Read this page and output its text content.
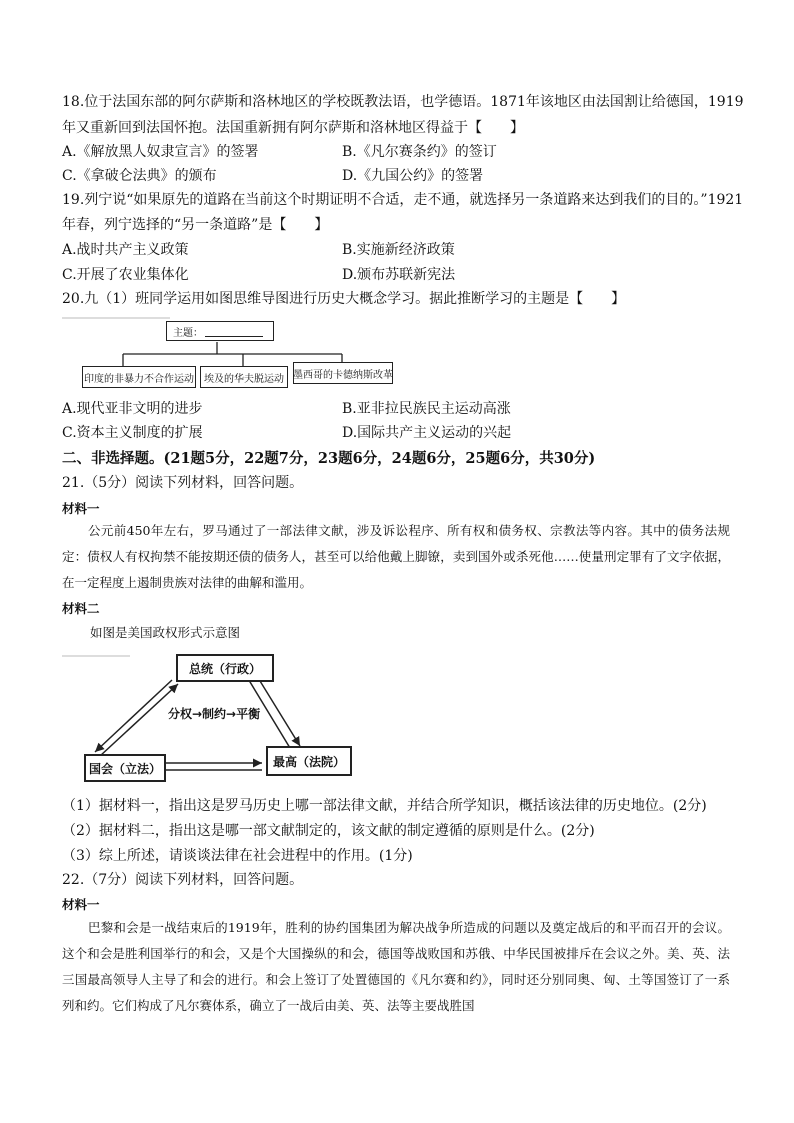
18.位于法国东部的阿尔萨斯和洛林地区的学校既教法语，也学德语。1871年该地区由法国割让给德国，1919
年又重新回到法国怀抱。法国重新拥有阿尔萨斯和洛林地区得益于【　　】
A.《解放黑人奴隶宣言》的签署	B.《凡尔赛条约》的签订
C.《拿破仑法典》的颁布	D.《九国公约》的签署
19.列宁说“如果原先的道路在当前这个时期证明不合适，走不通，就选择另一条道路来达到我们的目的。”1921
年春，列宁选择的“另一条道路”是【　　】
A.战时共产主义政策	B.实施新经济政策
C.开展了农业集体化	D.颁布苏联新宪法
20.九（1）班同学运用如图思维导图进行历史大概念学习。据此推断学习的主题是【　　】
主题：
印度的非暴力不合作运动	埃及的华夫脱运动 墨西哥的卡德纳斯改革
A.现代亚非文明的进步	B.亚非拉民族民主运动高涨
C.资本主义制度的扩展	D.国际共产主义运动的兴起
二、非选择题。(21题5分，22题7分，23题6分，24题6分，25题6分，共30分)
21.（5分）阅读下列材料，回答问题。
材料一
公元前450年左右，罗马通过了一部法律文献，涉及诉讼程序、所有权和债务权、宗教法等内容。其中的债务法规定：债权人有权拘禁不能按期还债的债务人，甚至可以给他戴上脚镣，卖到国外或杀死他……使量刑定罪有了文字依据，在一定程度上遏制贵族对法律的曲解和滥用。
材料二
如图是美国政权形式示意图
总统（行政）
国会（立法）	最高（法院）
分权→制约→平衡
（1）据材料一，指出这是罗马历史上哪一部法律文献，并结合所学知识，概括该法律的历史地位。(2分)
（2）据材料二，指出这是哪一部文献制定的，该文献的制定遵循的原则是什么。(2分)
（3）综上所述，请谈谈法律在社会进程中的作用。(1分)
22.（7分）阅读下列材料，回答问题。
材料一
巴黎和会是一战结束后的1919年，胜利的协约国集团为解决战争所造成的问题以及奠定战后的和平而召开的会议。这个和会是胜利国举行的和会，又是个大国操纵的和会，德国等战败国和苏俄、中华民国被排斥在会议之外。美、英、法三国最高领导人主导了和会的进行。和会上签订了处置德国的《凡尔赛和约》，同时还分别同奥、匈、土等国签订了一系列和约。它们构成了凡尔赛体系，确立了一战后由美、英、法等主要战胜国
